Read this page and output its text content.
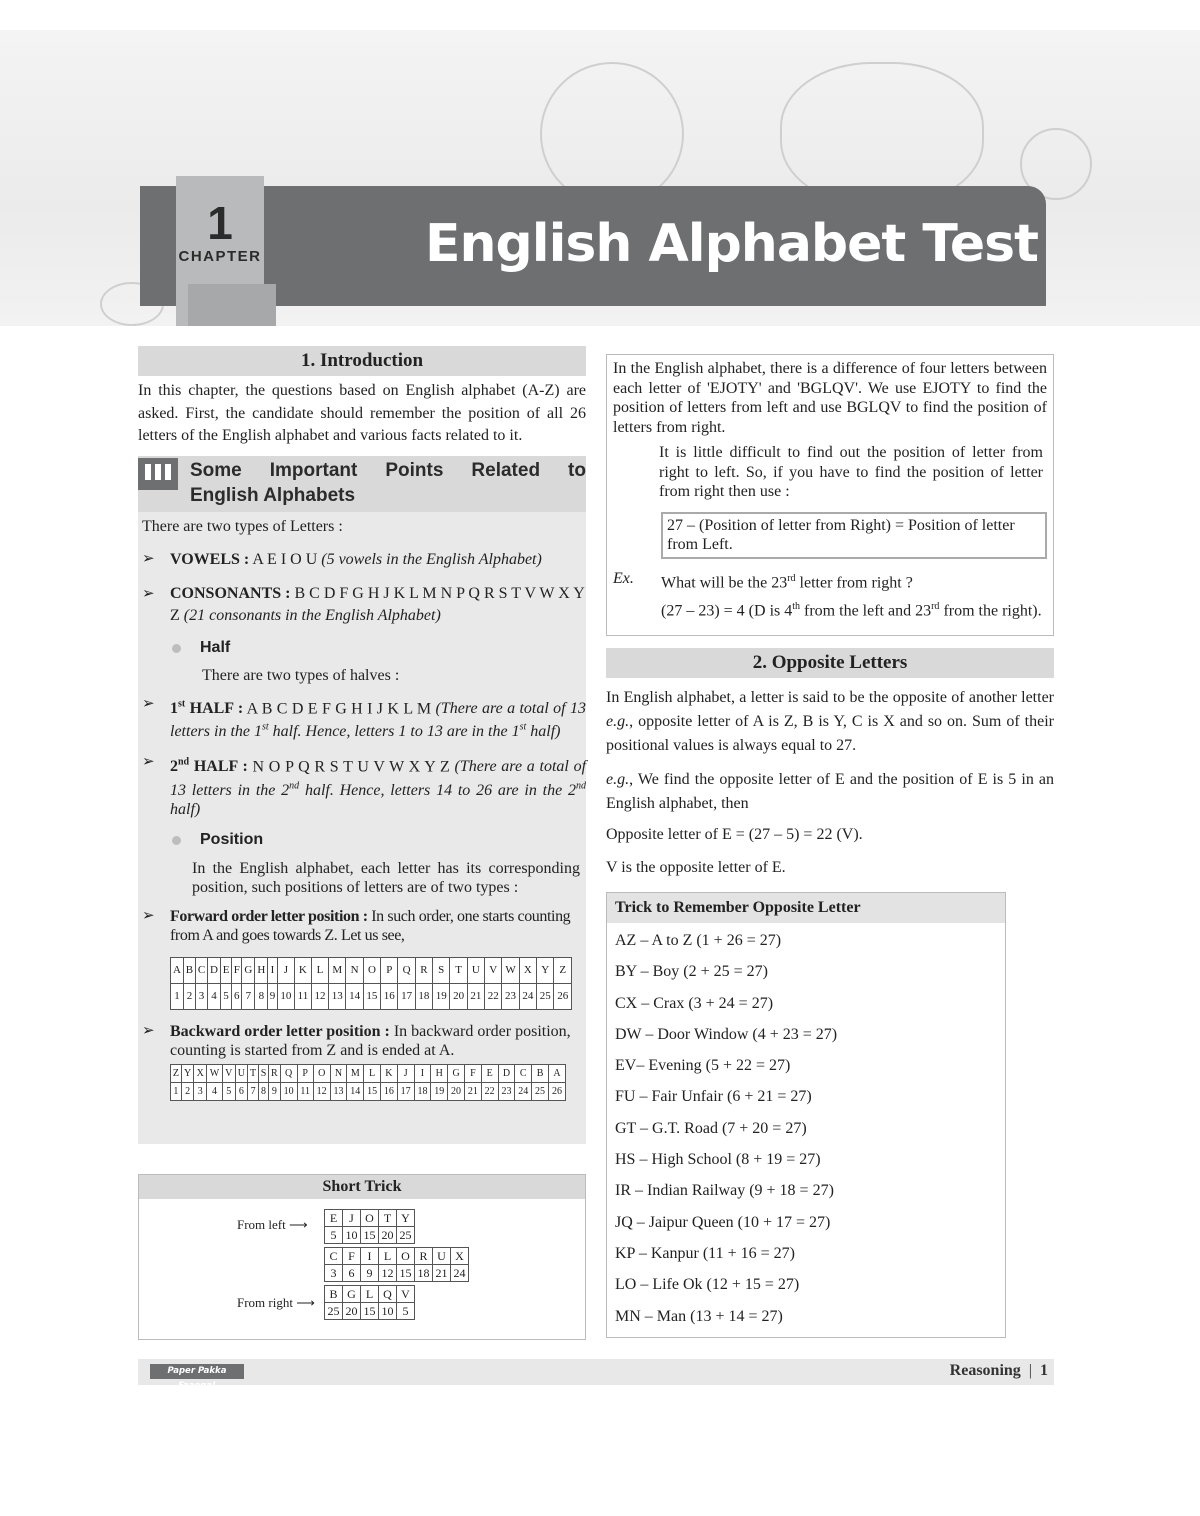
1
CHAPTER	English Alphabet Test
1. Introduction

In this chapter, the questions based on English alphabet (A-Z) are asked. First, the candidate should remember the position of all 26 letters of the English alphabet and various facts related to it.

Some Important Points Related to
English Alphabets
There are two types of Letters :
➢ VOWELS : A E I O U (5 vowels in the English Alphabet)
➢ CONSONANTS : B C D F G H J K L M N P Q R S T V W X Y Z (21 consonants in the English Alphabet)
Half
There are two types of halves :
➢ 1st HALF : A B C D E F G H I J K L M (There are a total of 13 letters in the 1st half. Hence, letters 1 to 13 are in the 1st half)
➢ 2nd HALF : N O P Q R S T U V W X Y Z (There are a total of 13 letters in the 2nd half. Hence, letters 14 to 26 are in the 2nd half)
Position
In the English alphabet, each letter has its corresponding position, such positions of letters are of two types :
➢ Forward order letter position : In such order, one starts counting from A and goes towards Z. Let us see,
A	B	C	D	E	F	G	H	I	J	K	L	M	N	O	P	Q	R	S	T	U	V	W	X	Y	Z
1	2	3	4	5	6	7	8	9	10	11	12	13	14	15	16	17	18	19	20	21	22	23	24	25	26
➢ Backward order letter position : In backward order position, counting is started from Z and is ended at A.
Z	Y	X	W	V	U	T	S	R	Q	P	O	N	M	L	K	J	I	H	G	F	E	D	C	B	A
1	2	3	4	5	6	7	8	9	10	11	12	13	14	15	16	17	18	19	20	21	22	23	24	25	26
Short Trick
From left ⟶
From right ⟶
E	J	O	T	Y
5	10	15	20	25
C	F	I	L	O	R	U	X
3	6	9	12	15	18	21	24
B	G	L	Q	V
25	20	15	10	5

In the English alphabet, there is a difference of four letters between each letter of 'EJOTY' and 'BGLQV'. We use EJOTY to find the position of letters from left and use BGLQV to find the position of letters from right.

It is little difficult to find out the position of letter from right to left. So, if you have to find the position of letter from right then use :

27 – (Position of letter from Right) = Position of letter from Left.
Ex.	What will be the 23rd letter from right ?
(27 – 23) = 4 (D is 4th from the left and 23rd from the right).
2. Opposite Letters

In English alphabet, a letter is said to be the opposite of another letter e.g., opposite letter of A is Z, B is Y, C is X and so on. Sum of their positional values is always equal to 27.

e.g., We find the opposite letter of E and the position of E is 5 in an English alphabet, then

Opposite letter of E = (27 – 5) = 22 (V).

V is the opposite letter of E.

Trick to Remember Opposite Letter
AZ – A to Z (1 + 26 = 27)
BY – Boy (2 + 25 = 27)
CX – Crax (3 + 24 = 27)
DW – Door Window (4 + 23 = 27)
EV– Evening (5 + 22 = 27)
FU – Fair Unfair (6 + 21 = 27)
GT – G.T. Road (7 + 20 = 27)
HS – High School (8 + 19 = 27)
IR – Indian Railway (9 + 18 = 27)
JQ – Jaipur Queen (10 + 17 = 27)
KP – Kanpur (11 + 16 = 27)
LO – Life Ok (12 + 15 = 27)
MN – Man (13 + 14 = 27)
Paper Pakka Faaega!
Reasoning | 1
